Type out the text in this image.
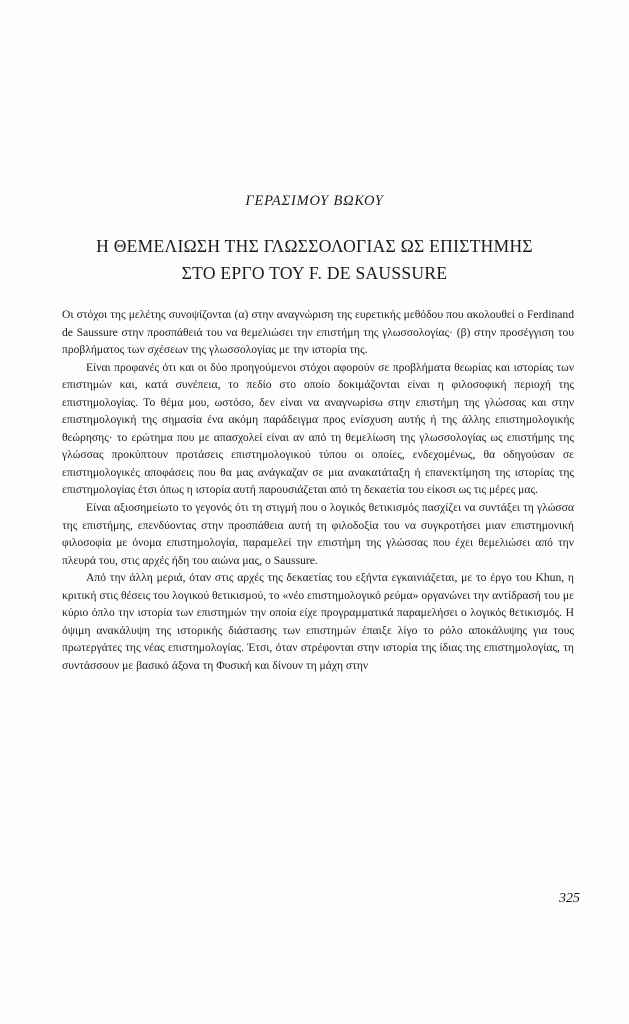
ΓΕΡΑΣΙΜΟΥ ΒΩΚΟΥ
Η ΘΕΜΕΛΙΩΣΗ ΤΗΣ ΓΛΩΣΣΟΛΟΓΙΑΣ ΩΣ ΕΠΙΣΤΗΜΗΣ
ΣΤΟ ΕΡΓΟ ΤΟΥ F. DE SAUSSURE

Οι στόχοι της μελέτης συνοψίζονται (α) στην αναγνώριση της ευρετικής μεθόδου που ακολουθεί ο Ferdinand de Saussure στην προσπάθειά του να θεμελιώσει την επιστήμη της γλωσσολογίας· (β) στην προσέγγιση του προβλήματος των σχέσεων της γλωσσολογίας με την ιστορία της.

Είναι προφανές ότι και οι δύο προηγούμενοι στόχοι αφορούν σε προβλήματα θεωρίας και ιστορίας των επιστημών και, κατά συνέπεια, το πεδίο στο οποίο δοκιμάζονται είναι η φιλοσοφική περιοχή της επιστημολογίας. Το θέμα μου, ωστόσο, δεν είναι να αναγνωρίσω στην επιστήμη της γλώσσας και στην επιστημολογική της σημασία ένα ακόμη παράδειγμα προς ενίσχυση αυτής ή της άλλης επιστημολογικής θεώρησης· το ερώτημα που με απασχολεί είναι αν από τη θεμελίωση της γλωσσολογίας ως επιστήμης της γλώσσας προκύπτουν προτάσεις επιστημολογικού τύπου οι οποίες, ενδεχομένως, θα οδηγούσαν σε επιστημολογικές αποφάσεις που θα μας ανάγκαζαν σε μια ανακατάταξη ή επανεκτίμηση της ιστορίας της επιστημολογίας έτσι όπως η ιστορία αυτή παρουσιάζεται από τη δεκαετία του είκοσι ως τις μέρες μας.

Είναι αξιοσημείωτο το γεγονός ότι τη στιγμή που ο λογικός θετικισμός πασχίζει να συντάξει τη γλώσσα της επιστήμης, επενδύοντας στην προσπάθεια αυτή τη φιλοδοξία του να συγκροτήσει μιαν επιστημονική φιλοσοφία με όνομα επιστημολογία, παραμελεί την επιστήμη της γλώσσας που έχει θεμελιώσει από την πλευρά του, στις αρχές ήδη του αιώνα μας, ο Saussure.

Από την άλλη μεριά, όταν στις αρχές της δεκαετίας του εξήντα εγκαινιάζεται, με το έργο του Khun, η κριτική στις θέσεις του λογικού θετικισμού, το «νέο επιστημολογικό ρεύμα» οργανώνει την αντίδρασή του με κύριο όπλο την ιστορία των επιστημών την οποία είχε προγραμματικά παραμελήσει ο λογικός θετικισμός. Η όψιμη ανακάλυψη της ιστορικής διάστασης των επιστημών έπαιξε λίγο το ρόλο αποκάλυψης για τους πρωτεργάτες της νέας επιστημολογίας. Έτσι, όταν στρέφονται στην ιστορία της ίδιας της επιστημολογίας, τη συντάσσουν με βασικό άξονα τη Φυσική και δίνουν τη μάχη στην

325
